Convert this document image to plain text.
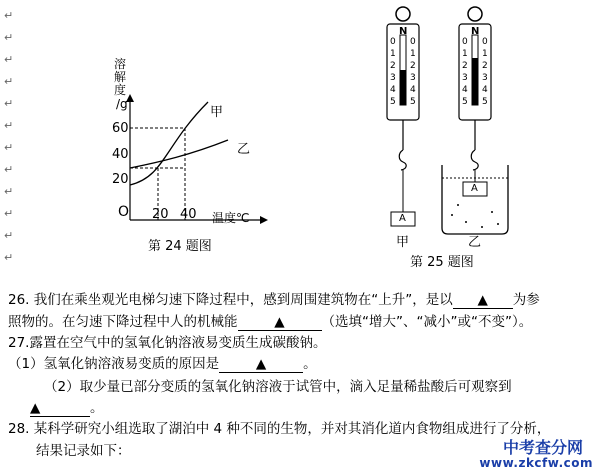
↵
↵
↵
↵
↵
↵
↵
↵
↵
↵
↵
↵
溶
解
度
/g
60
40
20
O 20 40 温度℃
甲
乙
第 24 题图
N
0
1
2
3
4
5
0
1
2
3
4
5
N
0
1
2
3
4
5
0
1
2
3
4
5
A
A
甲	乙
第 25 题图
26. 我们在乘坐观光电梯匀速下降过程中，感到周围建筑物在“上升”，是以 ▲ 为参
照物的。在匀速下降过程中人的机械能	▲	（选填“增大”、“减小”或“不变”）。
27.露置在空气中的氢氧化钠溶液易变质生成碳酸钠。
（1）氢氧化钠溶液易变质的原因是	▲	。
（2）取少量已部分变质的氢氧化钠溶液于试管中，滴入足量稀盐酸后可观察到
▲	。
28. 某科学研究小组选取了湖泊中 4 种不同的生物，并对其消化道内食物组成进行了分析，
结果记录如下：	中考查分网
www.zkcfw.com
